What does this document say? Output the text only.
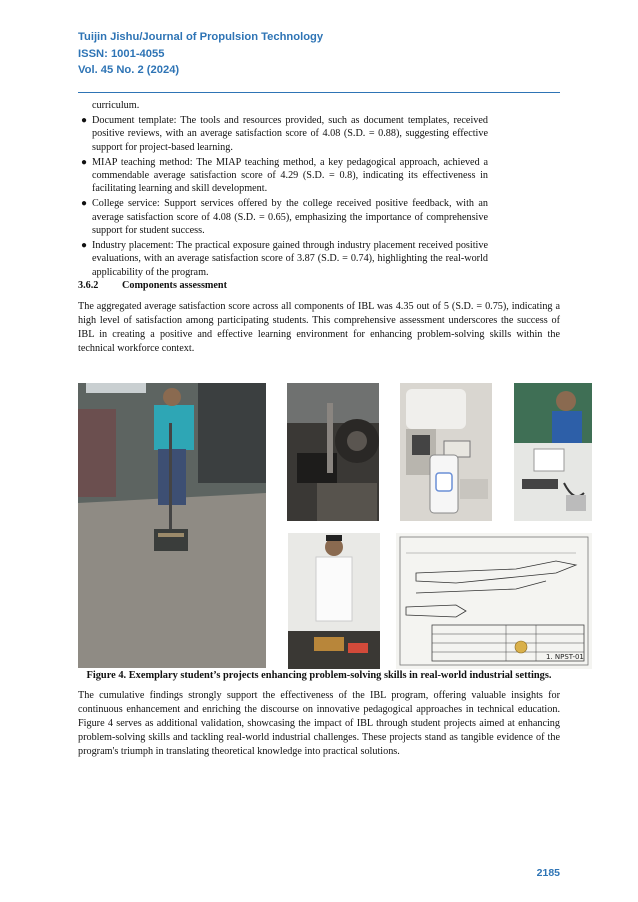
Tuijin Jishu/Journal of Propulsion Technology
ISSN: 1001-4055
Vol. 45 No. 2 (2024)
curriculum.
● Document template: The tools and resources provided, such as document templates, received positive reviews, with an average satisfaction score of 4.08 (S.D. = 0.88), suggesting effective support for project-based learning.
● MIAP teaching method: The MIAP teaching method, a key pedagogical approach, achieved a commendable average satisfaction score of 4.29 (S.D. = 0.8), indicating its effectiveness in facilitating learning and skill development.
● College service: Support services offered by the college received positive feedback, with an average satisfaction score of 4.08 (S.D. = 0.65), emphasizing the importance of comprehensive support for student success.
● Industry placement: The practical exposure gained through industry placement received positive evaluations, with an average satisfaction score of 3.87 (S.D. = 0.74), highlighting the real-world applicability of the program.
3.6.2 Components assessment

The aggregated average satisfaction score across all components of IBL was 4.35 out of 5 (S.D. = 0.75), indicating a high level of satisfaction among participating students. This comprehensive assessment underscores the success of IBL in creating a positive and effective learning environment for enhancing problem-solving skills within the technical workforce context.

1. NPST-01
Figure 4. Exemplary student’s projects enhancing problem-solving skills in real-world industrial settings.

The cumulative findings strongly support the effectiveness of the IBL program, offering valuable insights for continuous enhancement and enriching the discourse on innovative pedagogical approaches in technical education. Figure 4 serves as additional validation, showcasing the impact of IBL through student projects aimed at enhancing problem-solving skills and tackling real-world industrial challenges. These projects stand as tangible evidence of the program's triumph in translating theoretical knowledge into practical solutions.

2185
